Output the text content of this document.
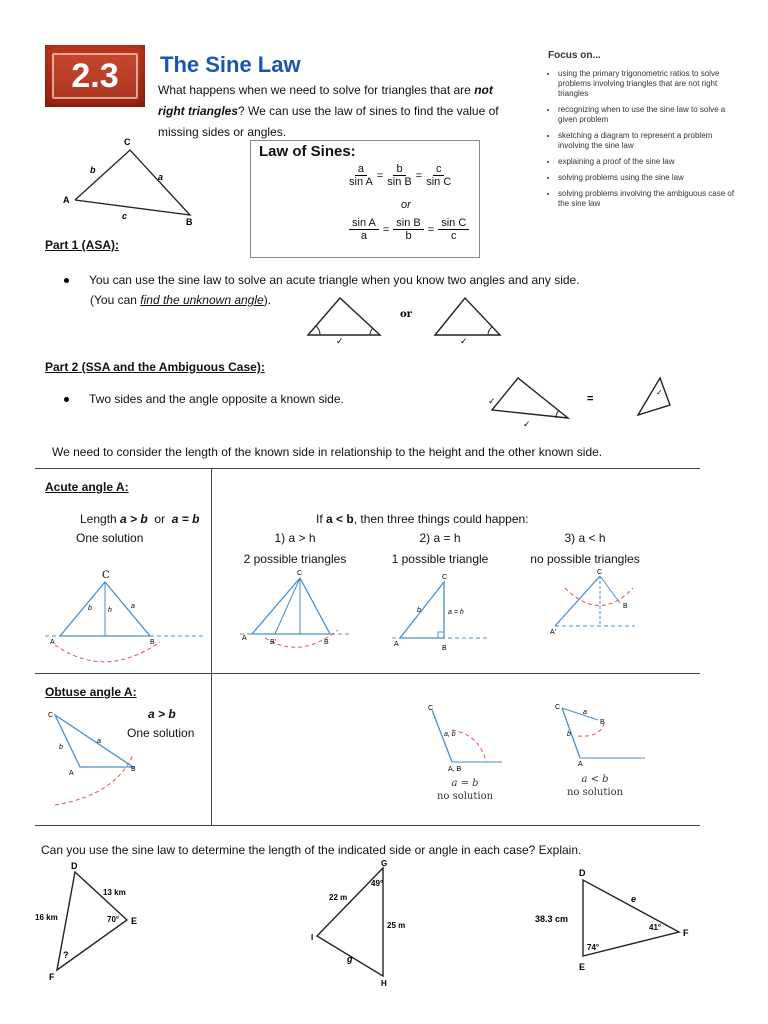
2.3	The Sine Law
What happens when we need to solve for triangles that are not right triangles? We can use the law of sines to find the value of missing sides or angles.
Focus on...
• using the primary trigonometric ratios to solve problems involving triangles that are not right triangles
• recognizing when to use the sine law to solve a given problem
• sketching a diagram to represent a problem involving the sine law
• explaining a proof of the sine law
• solving problems using the sine law
• solving problems involving the ambiguous case of the sine law
A
C
B
b
a
c
Law of Sines:
$\frac{a}{\text{sin A}} = \frac{b}{\text{sin B}} = \frac{c}{\text{sin C}}$
or
$\frac{\text{sin A}}{a} = \frac{\text{sin B}}{b} = \frac{\text{sin C}}{c}$
Part 1 (ASA):
You can use the sine law to solve an acute triangle when you know two angles and any side.
(You can find the unknown angle).
✓
or
✓
Part 2 (SSA and the Ambiguous Case):
Two sides and the angle opposite a known side.	✓
✓
=
✓
We need to consider the length of the known side in relationship to the height and the other known side.
Acute angle A:
Length a > b  or  a = b
One solution
If a < b, then three things could happen:
1) a > h
2 possible triangles
2) a = h
1 possible triangle
3) a < h
no possible triangles
C
b h
a
A	B
C
A
B'	B
C
b	a = h
A
B
C
A'
B
Obtuse angle A:
a > b
One solution
C
b
a
A
B
C
a, b
A, B
a = b
no solution
C
a
B
b
A
a < b
no solution
Can you use the sine law to determine the length of the indicated side or angle in each case? Explain.
D
E
F
13 km
16 km	70°
?
G
I
H
22 m
25 m
49°
g
D
E
F
38.3 cm
41°
74°
e
